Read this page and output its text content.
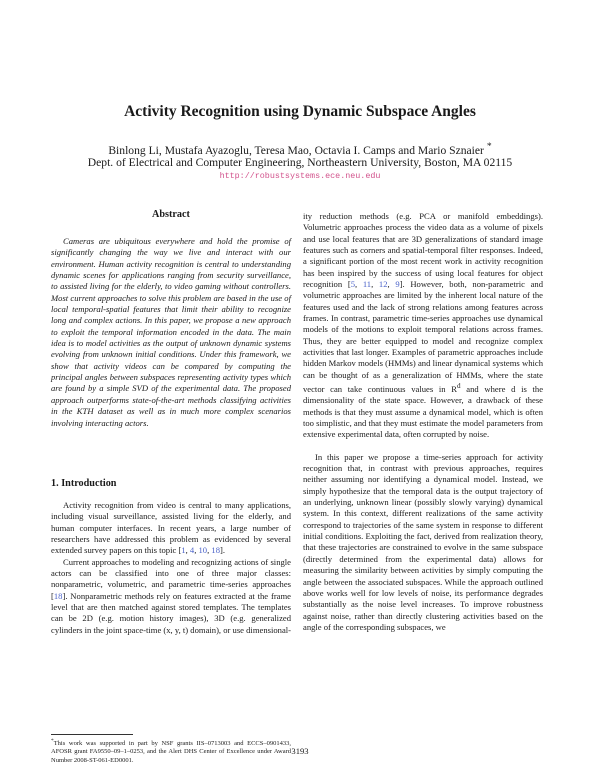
Activity Recognition using Dynamic Subspace Angles
Binlong Li, Mustafa Ayazoglu, Teresa Mao, Octavia I. Camps and Mario Sznaier *
Dept. of Electrical and Computer Engineering, Northeastern University, Boston, MA 02115
http://robustsystems.ece.neu.edu
Abstract

Cameras are ubiquitous everywhere and hold the promise of significantly changing the way we live and interact with our environment. Human activity recognition is central to understanding dynamic scenes for applications ranging from security surveillance, to assisted living for the elderly, to video gaming without controllers. Most current approaches to solve this problem are based in the use of local temporal-spatial features that limit their ability to recognize long and complex actions. In this paper, we propose a new approach to exploit the temporal information encoded in the data. The main idea is to model activities as the output of unknown dynamic systems evolving from unknown initial conditions. Under this framework, we show that activity videos can be compared by computing the principal angles between subspaces representing activity types which are found by a simple SVD of the experimental data. The proposed approach outperforms state-of-the-art methods classifying activities in the KTH dataset as well as in much more complex scenarios involving interacting actors.

1. Introduction

Activity recognition from video is central to many applications, including visual surveillance, assisted living for the elderly, and human computer interfaces. In recent years, a large number of researchers have addressed this problem as evidenced by several extended survey papers on this topic [1, 4, 10, 18].

Current approaches to modeling and recognizing actions of single actors can be classified into one of three major classes: nonparametric, volumetric, and parametric time-series approaches [18]. Nonparametric methods rely on features extracted at the frame level that are then matched against stored templates. The templates can be 2D (e.g. motion history images), 3D (e.g. generalized cylinders in the joint space-time (x, y, t) domain), or use dimensional-

ity reduction methods (e.g. PCA or manifold embeddings). Volumetric approaches process the video data as a volume of pixels and use local features that are 3D generalizations of standard image features such as corners and spatial-temporal filter responses. Indeed, a significant portion of the most recent work in activity recognition has been inspired by the success of using local features for object recognition [5, 11, 12, 9]. However, both, non-parametric and volumetric approaches are limited by the inherent local nature of the features used and the lack of strong relations among features across frames. In contrast, parametric time-series approaches use dynamical models of the motions to exploit temporal relations across frames. Thus, they are better equipped to model and recognize complex activities that last longer. Examples of parametric approaches include hidden Markov models (HMMs) and linear dynamical systems which can be thought of as a generalization of HMMs, where the state vector can take continuous values in $R^d$ and where d is the dimensionality of the state space. However, a drawback of these methods is that they must assume a dynamical model, which is often too simplistic, and that they must estimate the model parameters from extensive experimental data, often corrupted by noise.

In this paper we propose a time-series approach for activity recognition that, in contrast with previous approaches, requires neither assuming nor identifying a dynamical model. Instead, we simply hypothesize that the temporal data is the output trajectory of an underlying, unknown linear (possibly slowly varying) dynamical system. In this context, different realizations of the same activity correspond to trajectories of the same system in response to different initial conditions. Exploiting the fact, derived from realization theory, that these trajectories are constrained to evolve in the same subspace (directly determined from the experimental data) allows for measuring the similarity between activities by simply computing the angle between the associated subspaces. While the approach outlined above works well for low levels of noise, its performance degrades substantially as the noise level increases. To improve robustness against noise, rather than directly clustering activities based on the angle of the corresponding subspaces, we

*This work was supported in part by NSF grants IIS–0713003 and ECCS–0901433, AFOSR grant FA9550–09–1–0253, and the Alert DHS Center of Excellence under Award Number 2008-ST-061-ED0001.
3193
